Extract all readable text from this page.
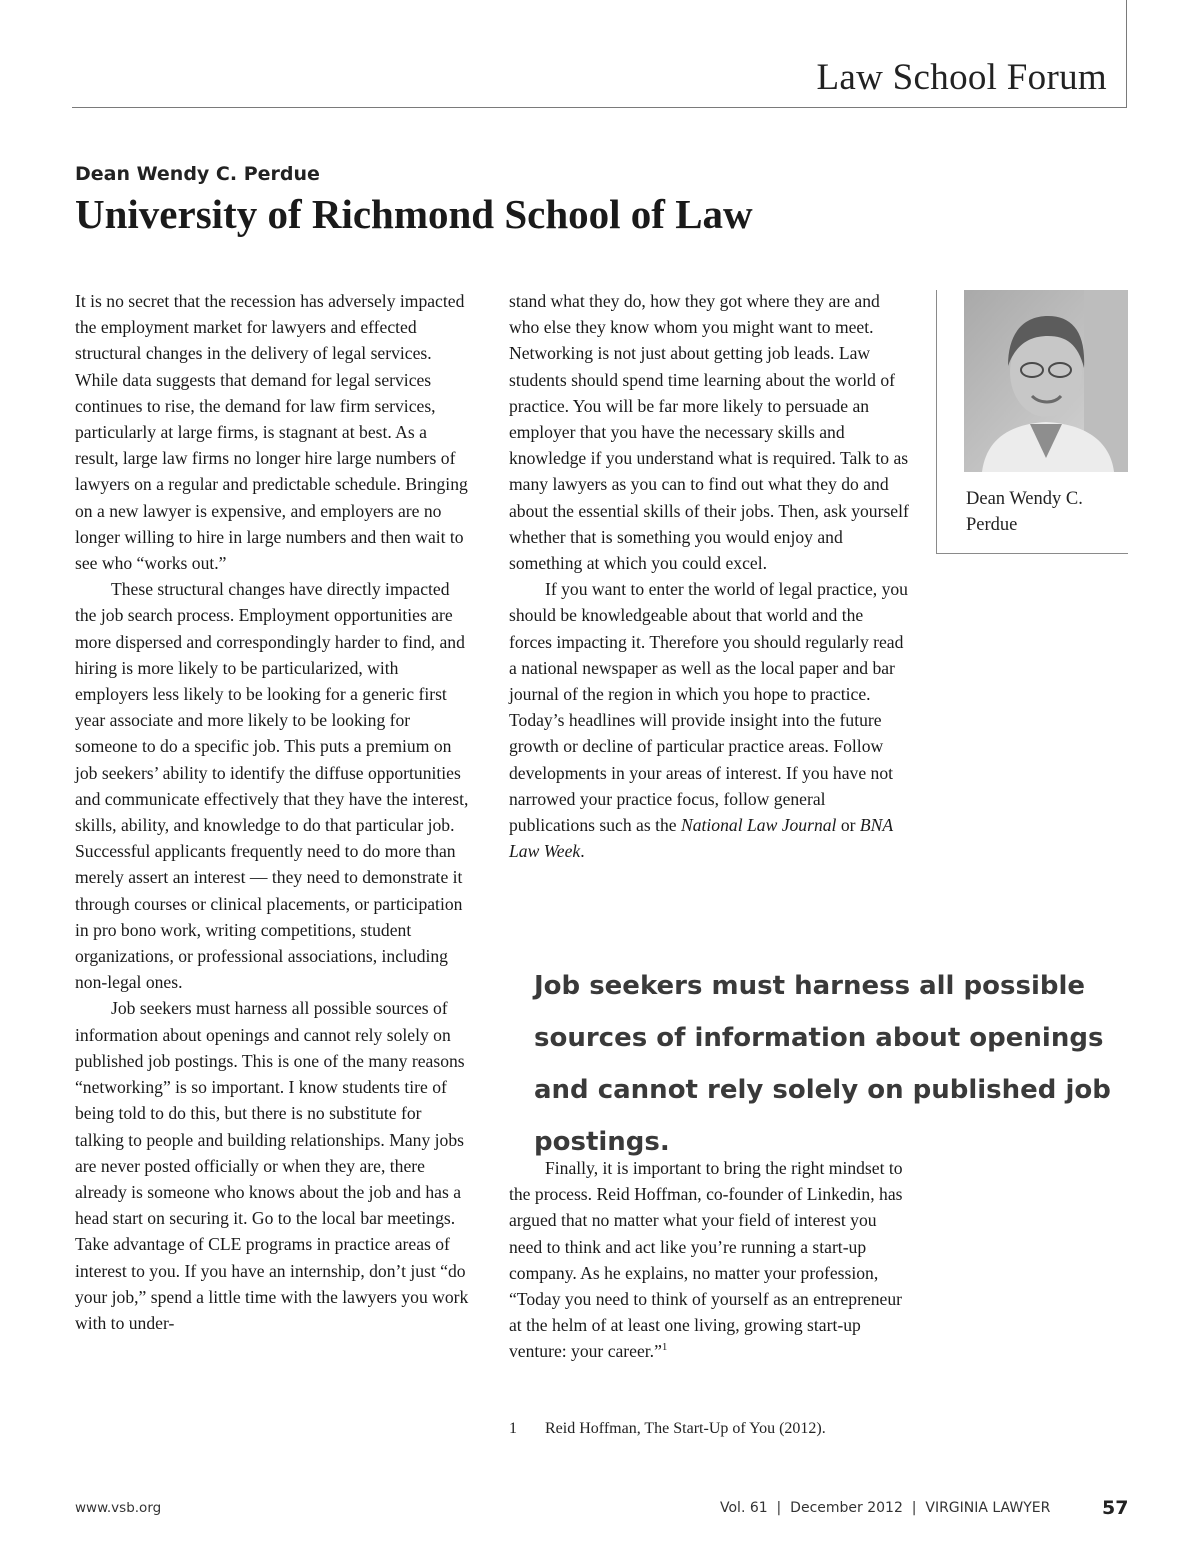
Law School Forum
Dean Wendy C. Perdue
University of Richmond School of Law

It is no secret that the recession has adversely impacted the employment market for lawyers and effected structural changes in the delivery of legal services. While data suggests that demand for legal services continues to rise, the demand for law firm services, particularly at large firms, is stagnant at best. As a result, large law firms no longer hire large numbers of lawyers on a regular and predictable schedule. Bringing on a new lawyer is expensive, and employers are no longer willing to hire in large numbers and then wait to see who “works out.”

These structural changes have directly impacted the job search process. Employment opportunities are more dispersed and correspondingly harder to find, and hiring is more likely to be particularized, with employers less likely to be looking for a generic first year associate and more likely to be looking for someone to do a specific job. This puts a premium on job seekers’ ability to identify the diffuse opportunities and communicate effectively that they have the interest, skills, ability, and knowledge to do that particular job. Successful applicants frequently need to do more than merely assert an interest — they need to demonstrate it through courses or clinical placements, or participation in pro bono work, writing competitions, student organizations, or professional associations, including non-legal ones.

Job seekers must harness all possible sources of information about openings and cannot rely solely on published job postings. This is one of the many reasons “networking” is so important. I know students tire of being told to do this, but there is no substitute for talking to people and building relationships. Many jobs are never posted officially or when they are, there already is someone who knows about the job and has a head start on securing it. Go to the local bar meetings. Take advantage of CLE programs in practice areas of interest to you. If you have an internship, don’t just “do your job,” spend a little time with the lawyers you work with to under-

stand what they do, how they got where they are and who else they know whom you might want to meet. Networking is not just about getting job leads. Law students should spend time learning about the world of practice. You will be far more likely to persuade an employer that you have the necessary skills and knowledge if you understand what is required. Talk to as many lawyers as you can to find out what they do and about the essential skills of their jobs. Then, ask yourself whether that is something you would enjoy and something at which you could excel.

If you want to enter the world of legal practice, you should be knowledgeable about that world and the forces impacting it. Therefore you should regularly read a national newspaper as well as the local paper and bar journal of the region in which you hope to practice. Today’s headlines will provide insight into the future growth or decline of particular practice areas. Follow developments in your areas of interest. If you have not narrowed your practice focus, follow general publications such as the National Law Journal or BNA Law Week.

Dean Wendy C. Perdue
Job seekers must harness all possible sources of information about openings and cannot rely solely on published job postings.

Finally, it is important to bring the right mindset to the process. Reid Hoffman, co-founder of Linkedin, has argued that no matter what your field of interest you need to think and act like you’re running a start-up company. As he explains, no matter your profession, “Today you need to think of yourself as an entrepreneur at the helm of at least one living, growing start-up venture: your career.”$^1$

1 Reid Hoffman, The Start-Up of You (2012).
www.vsb.org	Vol. 61  |  December 2012  |  VIRGINIA LAWYER	57
